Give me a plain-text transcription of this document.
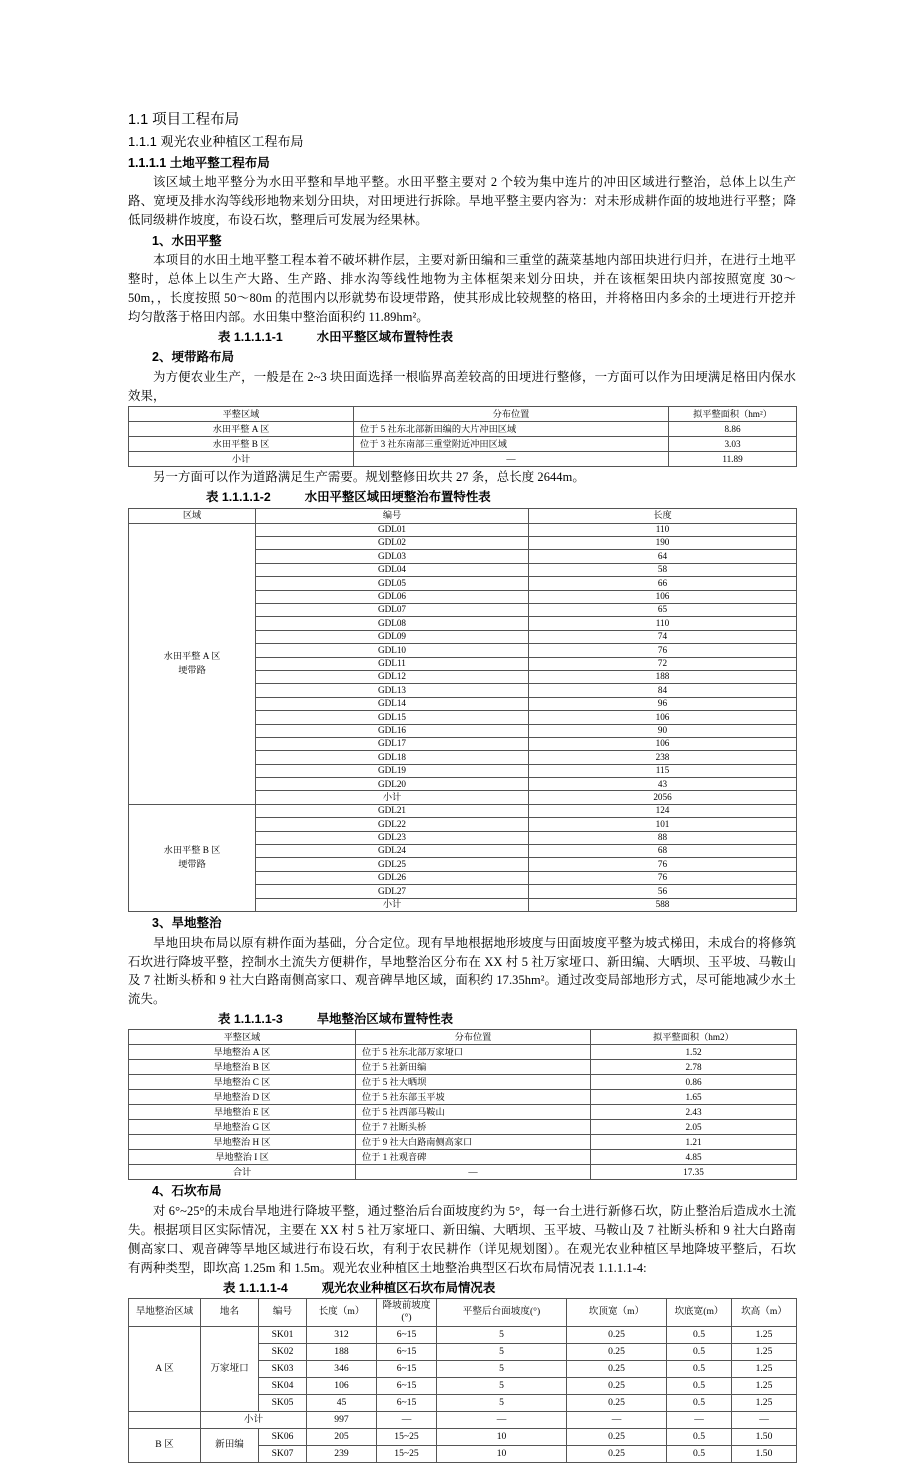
1.1 项目工程布局
1.1.1 观光农业种植区工程布局
1.1.1.1 土地平整工程布局

该区域土地平整分为水田平整和旱地平整。水田平整主要对 2 个较为集中连片的冲田区域进行整治，总体上以生产路、宽埂及排水沟等线形地物来划分田块，对田埂进行拆除。旱地平整主要内容为：对未形成耕作面的坡地进行平整；降低同级耕作坡度，布设石坎，整理后可发展为经果林。

1、水田平整

本项目的水田土地平整工程本着不破坏耕作层，主要对新田编和三重堂的蔬菜基地内部田块进行归并，在进行土地平整时，总体上以生产大路、生产路、排水沟等线性地物为主体框架来划分田块，并在该框架田块内部按照宽度 30～50m，，长度按照 50～80m 的范围内以形就势布设埂带路，使其形成比较规整的格田，并将格田内多余的土埂进行开挖并均匀散落于格田内部。水田集中整治面积约 11.89hm²。

表 1.1.1.1-1	水田平整区域布置特性表
2、埂带路布局

为方便农业生产，一般是在 2~3 块田面选择一根临界高差较高的田埂进行整修，一方面可以作为田埂满足格田内保水效果，

平整区域	分布位置	拟平整面积（hm²）
水田平整 A 区	位于 5 社东北部新田编的大片冲田区域	8.86
水田平整 B 区	位于 3 社东南部三重堂附近冲田区域	3.03
小计	—	11.89

另一方面可以作为道路满足生产需要。规划整修田坎共 27 条，总长度 2644m。

表 1.1.1.1-2	水田平整区域田埂整治布置特性表
区域	编号	长度

水田平整 A 区
埂带路	GDL01	110
	GDL02	190
	GDL03	64
	GDL04	58
	GDL05	66
	GDL06	106
	GDL07	65
	GDL08	110
	GDL09	74
	GDL10	76
	GDL11	72
	GDL12	188
	GDL13	84
	GDL14	96
	GDL15	106
	GDL16	90
	GDL17	106
	GDL18	238
	GDL19	115
	GDL20	43
	小计	2056

水田平整 B 区
埂带路	GDL21	124
	GDL22	101
	GDL23	88
	GDL24	68
	GDL25	76
	GDL26	76
	GDL27	56
	小计	588
3、旱地整治

旱地田块布局以原有耕作面为基础，分合定位。现有旱地根据地形坡度与田面坡度平整为坡式梯田，未成台的将修筑石坎进行降坡平整，控制水土流失方便耕作，旱地整治区分布在 XX 村 5 社万家垭口、新田编、大晒坝、玉平坡、马鞍山及 7 社断头桥和 9 社大白路南侧高家口、观音碑旱地区域，面积约 17.35hm²。通过改变局部地形方式，尽可能地减少水土流失。

表 1.1.1.1-3	旱地整治区域布置特性表
平整区域	分布位置	拟平整面积（hm2）
旱地整治 A 区	位于 5 社东北部万家垭口	1.52
旱地整治 B 区	位于 5 社新田编	2.78
旱地整治 C 区	位于 5 社大晒坝	0.86
旱地整治 D 区	位于 5 社东部玉平坡	1.65
旱地整治 E 区	位于 5 社西部马鞍山	2.43
旱地整治 G 区	位于 7 社断头桥	2.05
旱地整治 H 区	位于 9 社大白路南侧高家口	1.21
旱地整治 I 区	位于 1 社观音碑	4.85
合计	—	17.35
4、石坎布局

对 6°~25°的未成台旱地进行降坡平整，通过整治后台面坡度约为 5°，每一台土进行新修石坎，防止整治后造成水土流失。根据项目区实际情况，主要在 XX 村 5 社万家垭口、新田编、大晒坝、玉平坡、马鞍山及 7 社断头桥和 9 社大白路南侧高家口、观音碑等旱地区域进行布设石坎，有利于农民耕作（详见规划图）。在观光农业种植区旱地降坡平整后，石坎有两种类型，即坎高 1.25m 和 1.5m。观光农业种植区土地整治典型区石坎布局情况表 1.1.1.1-4:

表 1.1.1.1-4	观光农业种植区石坎布局情况表
旱地整治区域	地名	编号	长度（m）	降坡前坡度(°)	平整后台面坡度(°)	坎顶宽（m）	坎底宽(m）	坎高（m）
A 区	万家垭口	SK01	312	6~15	5	0.25	0.5	1.25
		SK02	188	6~15	5	0.25	0.5	1.25
		SK03	346	6~15	5	0.25	0.5	1.25
		SK04	106	6~15	5	0.25	0.5	1.25
		SK05	45	6~15	5	0.25	0.5	1.25
	小计		997	—	—	—	—	—
B 区	新田编	SK06	205	15~25	10	0.25	0.5	1.50
		SK07	239	15~25	10	0.25	0.5	1.50
